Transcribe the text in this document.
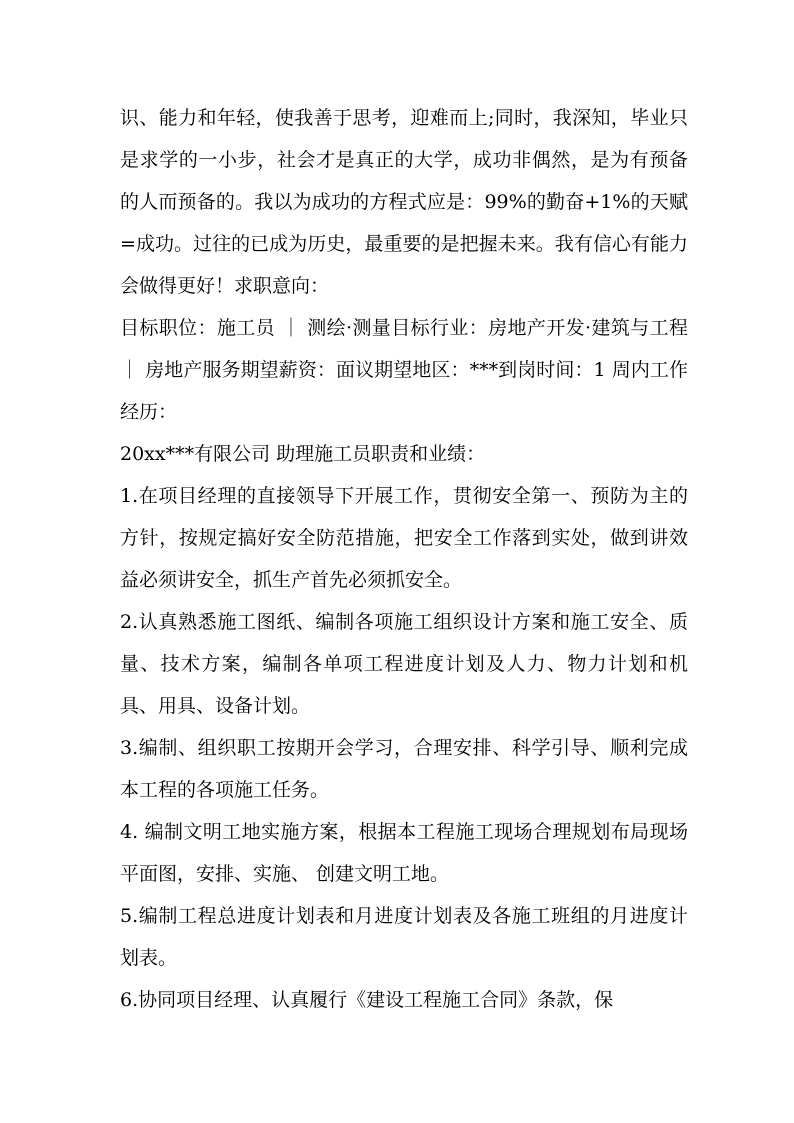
识、能力和年轻，使我善于思考，迎难而上;同时，我深知，毕业只是求学的一小步，社会才是真正的大学，成功非偶然，是为有预备的人而预备的。我以为成功的方程式应是：99%的勤奋+1%的天赋=成功。过往的已成为历史，最重要的是把握未来。我有信心有能力会做得更好！求职意向：

目标职位：施工员 ｜ 测绘·测量目标行业：房地产开发·建筑与工程 ｜ 房地产服务期望薪资：面议期望地区：***到岗时间：1 周内工作经历：

20xx***有限公司 助理施工员职责和业绩：

1.在项目经理的直接领导下开展工作，贯彻安全第一、预防为主的方针，按规定搞好安全防范措施，把安全工作落到实处，做到讲效益必须讲安全，抓生产首先必须抓安全。

2.认真熟悉施工图纸、编制各项施工组织设计方案和施工安全、质量、技术方案，编制各单项工程进度计划及人力、物力计划和机具、用具、设备计划。

3.编制、组织职工按期开会学习，合理安排、科学引导、顺利完成本工程的各项施工任务。

4. 编制文明工地实施方案，根据本工程施工现场合理规划布局现场平面图，安排、实施、 创建文明工地。

5.编制工程总进度计划表和月进度计划表及各施工班组的月进度计划表。

6.协同项目经理、认真履行《建设工程施工合同》条款，保
